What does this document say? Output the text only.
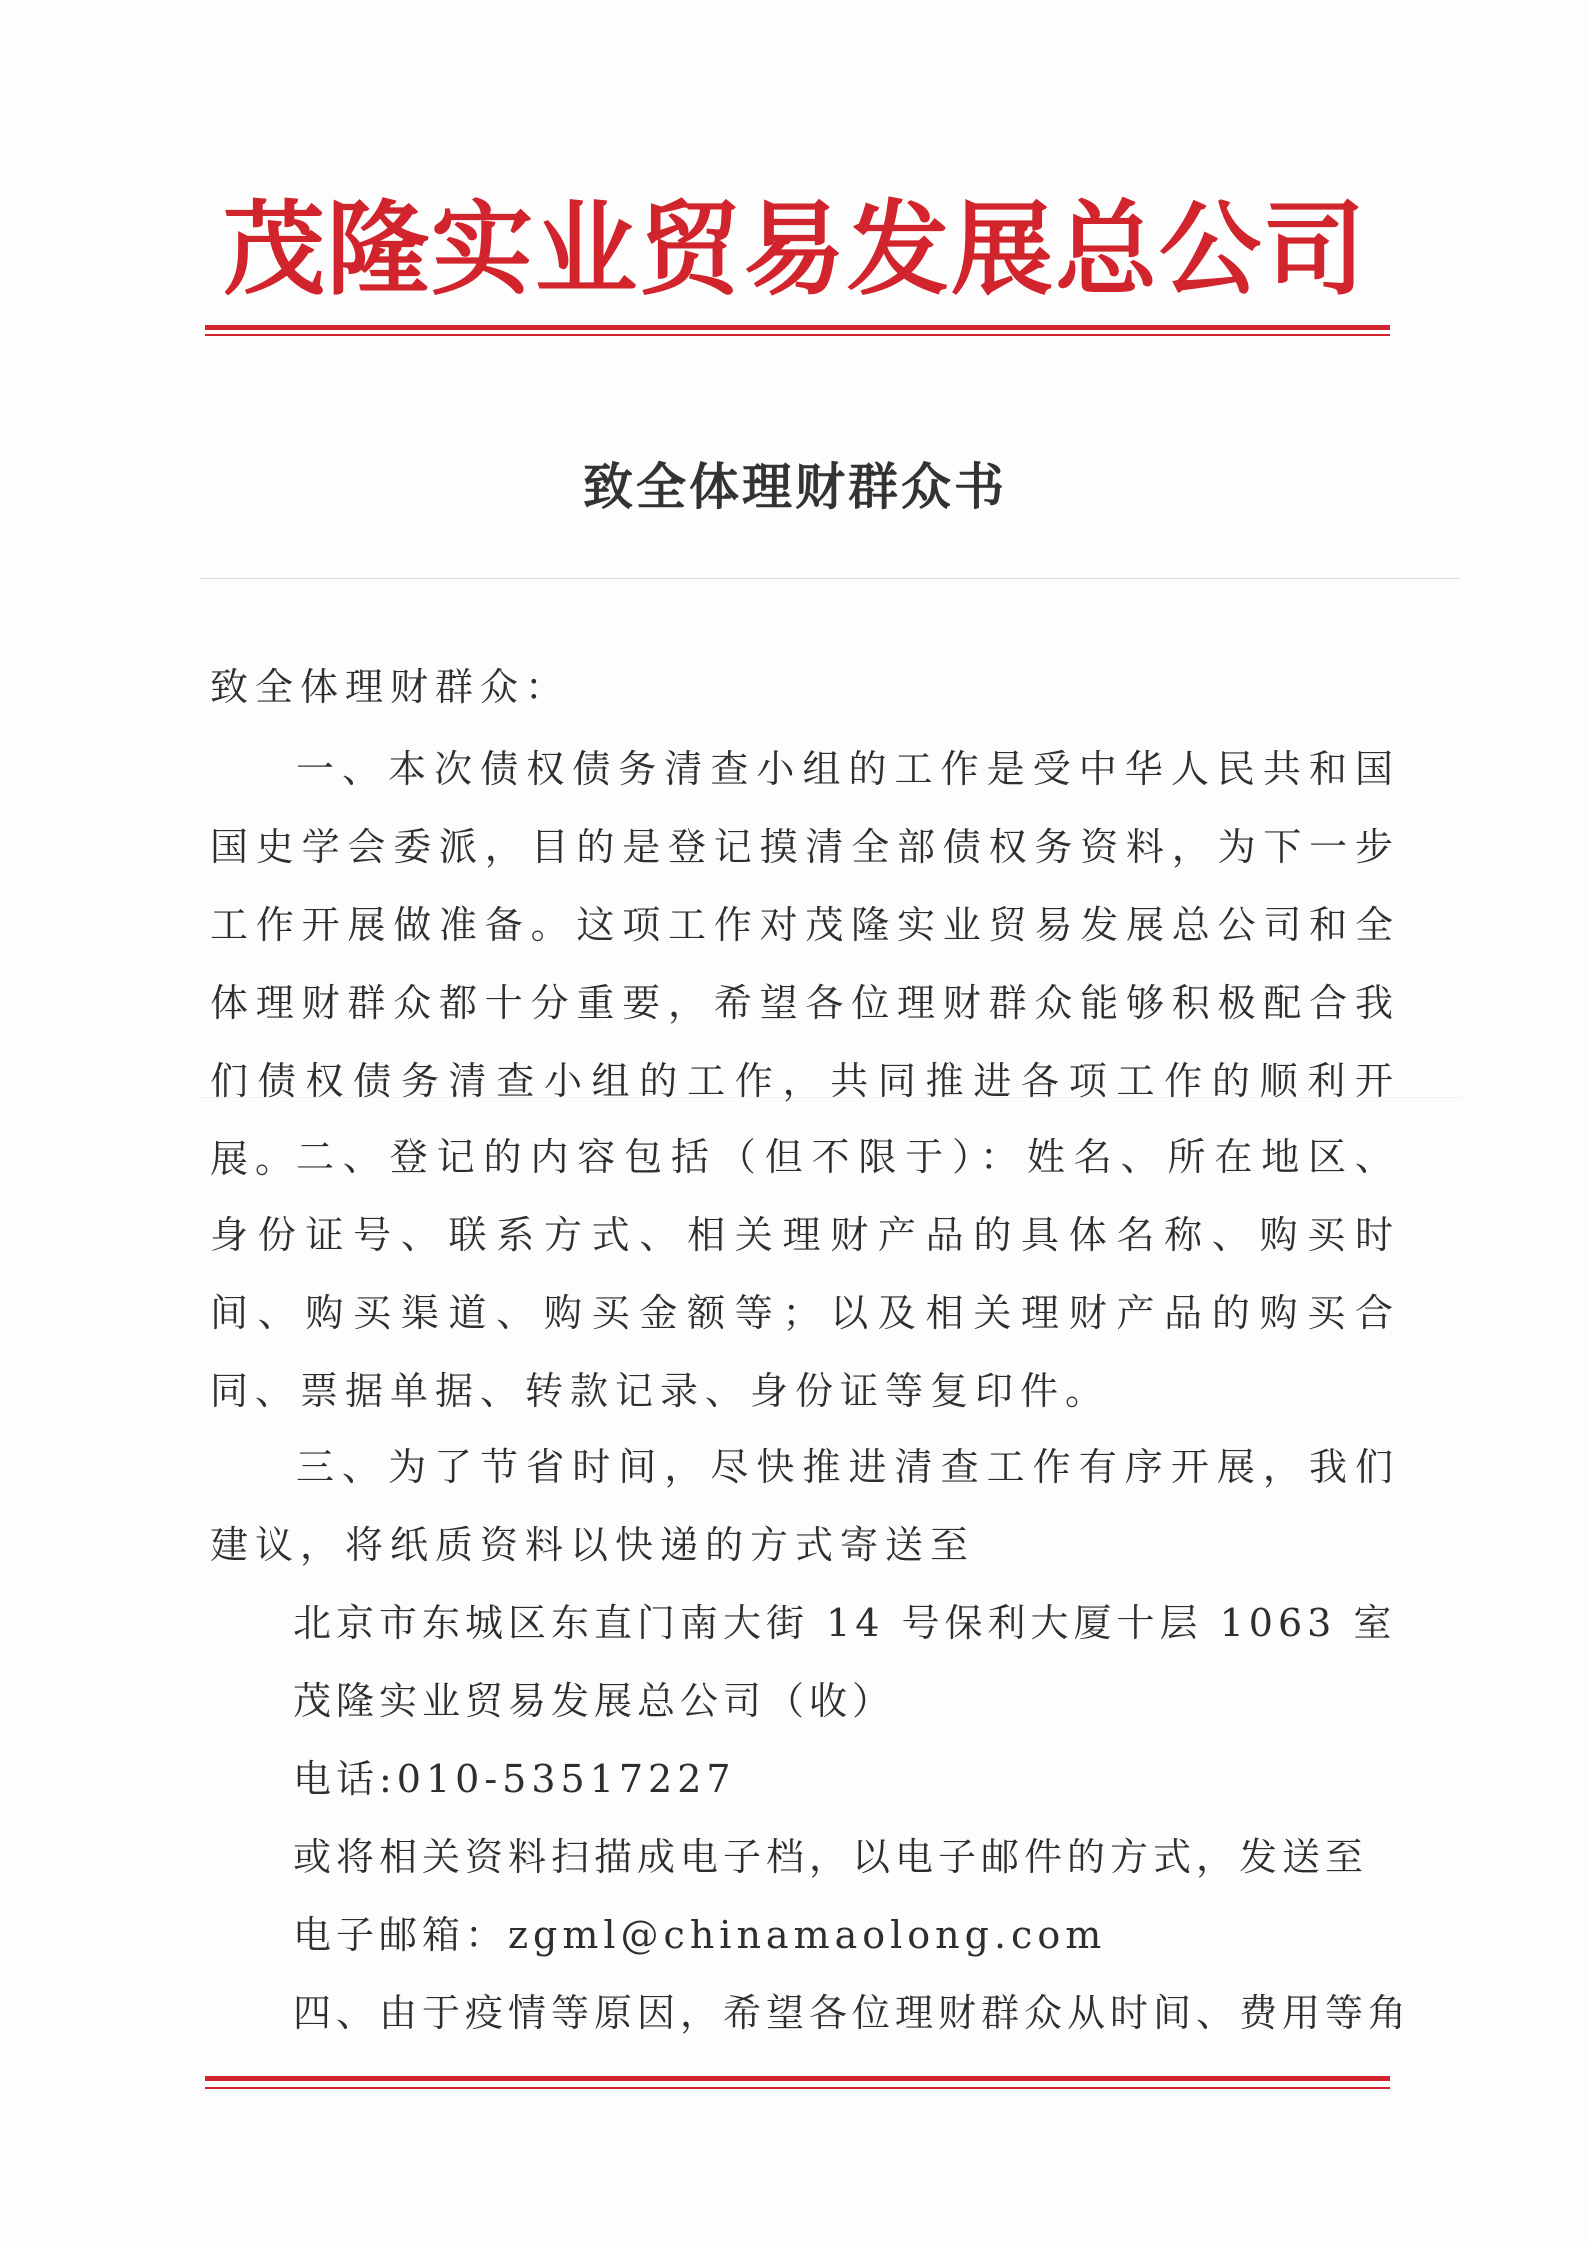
茂隆实业贸易发展总公司
致全体理财群众书
致全体理财群众：

一、本次债权债务清查小组的工作是受中华人民共和国国史学会委派，目的是登记摸清全部债权务资料，为下一步工作开展做准备。这项工作对茂隆实业贸易发展总公司和全体理财群众都十分重要，希望各位理财群众能够积极配合我们债权债务清查小组的工作，共同推进各项工作的顺利开展。

二、登记的内容包括（但不限于）：姓名、所在地区、身份证号、联系方式、相关理财产品的具体名称、购买时间、购买渠道、购买金额等；以及相关理财产品的购买合同、票据单据、转款记录、身份证等复印件。

三、为了节省时间，尽快推进清查工作有序开展，我们建议，将纸质资料以快递的方式寄送至

北京市东城区东直门南大街 14 号保利大厦十层 1063 室
茂隆实业贸易发展总公司（收）
电话:010-53517227
或将相关资料扫描成电子档，以电子邮件的方式，发送至
电子邮箱：zgml@chinamaolong.com
四、由于疫情等原因，希望各位理财群众从时间、费用等角
